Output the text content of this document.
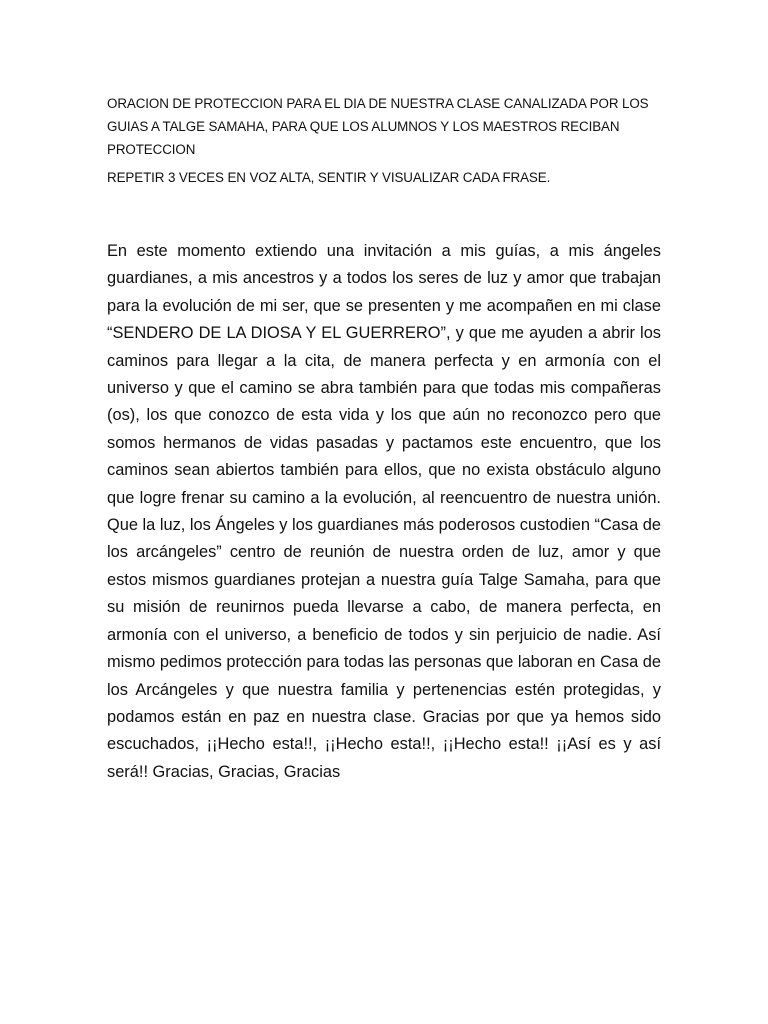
ORACION DE PROTECCION PARA EL DIA DE NUESTRA CLASE CANALIZADA POR LOS GUIAS A TALGE SAMAHA, PARA QUE LOS ALUMNOS Y LOS MAESTROS RECIBAN PROTECCION

REPETIR 3 VECES EN VOZ ALTA, SENTIR Y VISUALIZAR CADA FRASE.

En este momento extiendo una invitación a mis guías, a mis ángeles guardianes, a mis ancestros y a todos los seres de luz y amor que trabajan para la evolución de mi ser, que se presenten y me acompañen en mi clase “SENDERO DE LA DIOSA Y EL GUERRERO”, y que me ayuden a abrir los caminos para llegar a la cita, de manera perfecta y en armonía con el universo y que el camino se abra también para que todas mis compañeras (os), los que conozco de esta vida y los que aún no reconozco pero que somos hermanos de vidas pasadas y pactamos este encuentro, que los caminos sean abiertos también para ellos, que no exista obstáculo alguno que logre frenar su camino a la evolución, al reencuentro de nuestra unión. Que la luz, los Ángeles y los guardianes más poderosos custodien “Casa de los arcángeles” centro de reunión de nuestra orden de luz, amor y que estos mismos guardianes protejan a nuestra guía Talge Samaha, para que su misión de reunirnos pueda llevarse a cabo, de manera perfecta, en armonía con el universo, a beneficio de todos y sin perjuicio de nadie. Así mismo pedimos protección para todas las personas que laboran en Casa de los Arcángeles y que nuestra familia y pertenencias estén protegidas, y podamos están en paz en nuestra clase. Gracias por que ya hemos sido escuchados, ¡¡Hecho esta!!, ¡¡Hecho esta!!, ¡¡Hecho esta!! ¡¡Así es y así será!! Gracias, Gracias, Gracias
